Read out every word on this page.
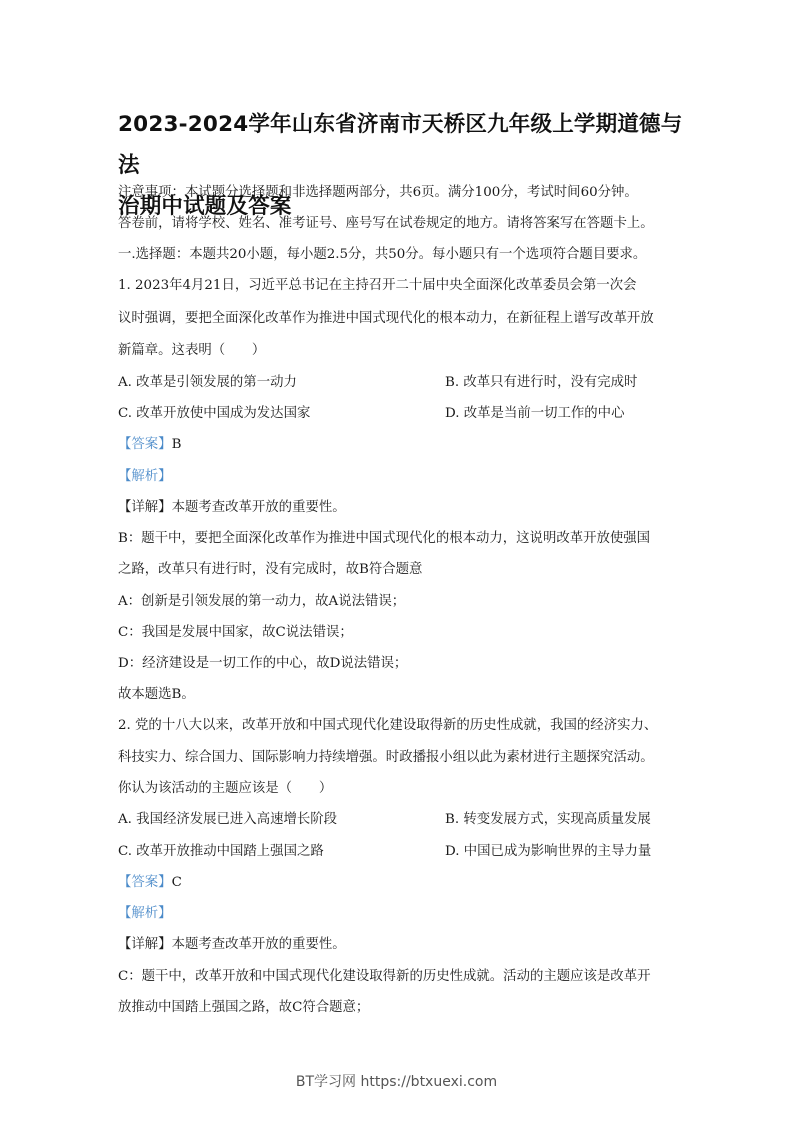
2023-2024学年山东省济南市天桥区九年级上学期道德与法
治期中试题及答案
注意事项：本试题分选择题和非选择题两部分，共6页。满分100分，考试时间60分钟。
答卷前，请将学校、姓名、准考证号、座号写在试卷规定的地方。请将答案写在答题卡上。
一.选择题：本题共20小题，每小题2.5分，共50分。每小题只有一个选项符合题目要求。
1. 2023年4月21日，习近平总书记在主持召开二十届中央全面深化改革委员会第一次会
议时强调，要把全面深化改革作为推进中国式现代化的根本动力，在新征程上谱写改革开放
新篇章。这表明（　　）
A. 改革是引领发展的第一动力	B. 改革只有进行时，没有完成时
C. 改革开放使中国成为发达国家	D. 改革是当前一切工作的中心
【答案】B
【解析】
【详解】本题考查改革开放的重要性。
B：题干中，要把全面深化改革作为推进中国式现代化的根本动力，这说明改革开放使强国
之路，改革只有进行时，没有完成时，故B符合题意
A：创新是引领发展的第一动力，故A说法错误；
C：我国是发展中国家，故C说法错误；
D：经济建设是一切工作的中心，故D说法错误；
故本题选B。
2. 党的十八大以来，改革开放和中国式现代化建设取得新的历史性成就，我国的经济实力、
科技实力、综合国力、国际影响力持续增强。时政播报小组以此为素材进行主题探究活动。
你认为该活动的主题应该是（　　）
A. 我国经济发展已进入高速增长阶段	B. 转变发展方式，实现高质量发展
C. 改革开放推动中国踏上强国之路	D. 中国已成为影响世界的主导力量
【答案】C
【解析】
【详解】本题考查改革开放的重要性。
C：题干中，改革开放和中国式现代化建设取得新的历史性成就。活动的主题应该是改革开
放推动中国踏上强国之路，故C符合题意；
BT学习网 https://btxuexi.com
